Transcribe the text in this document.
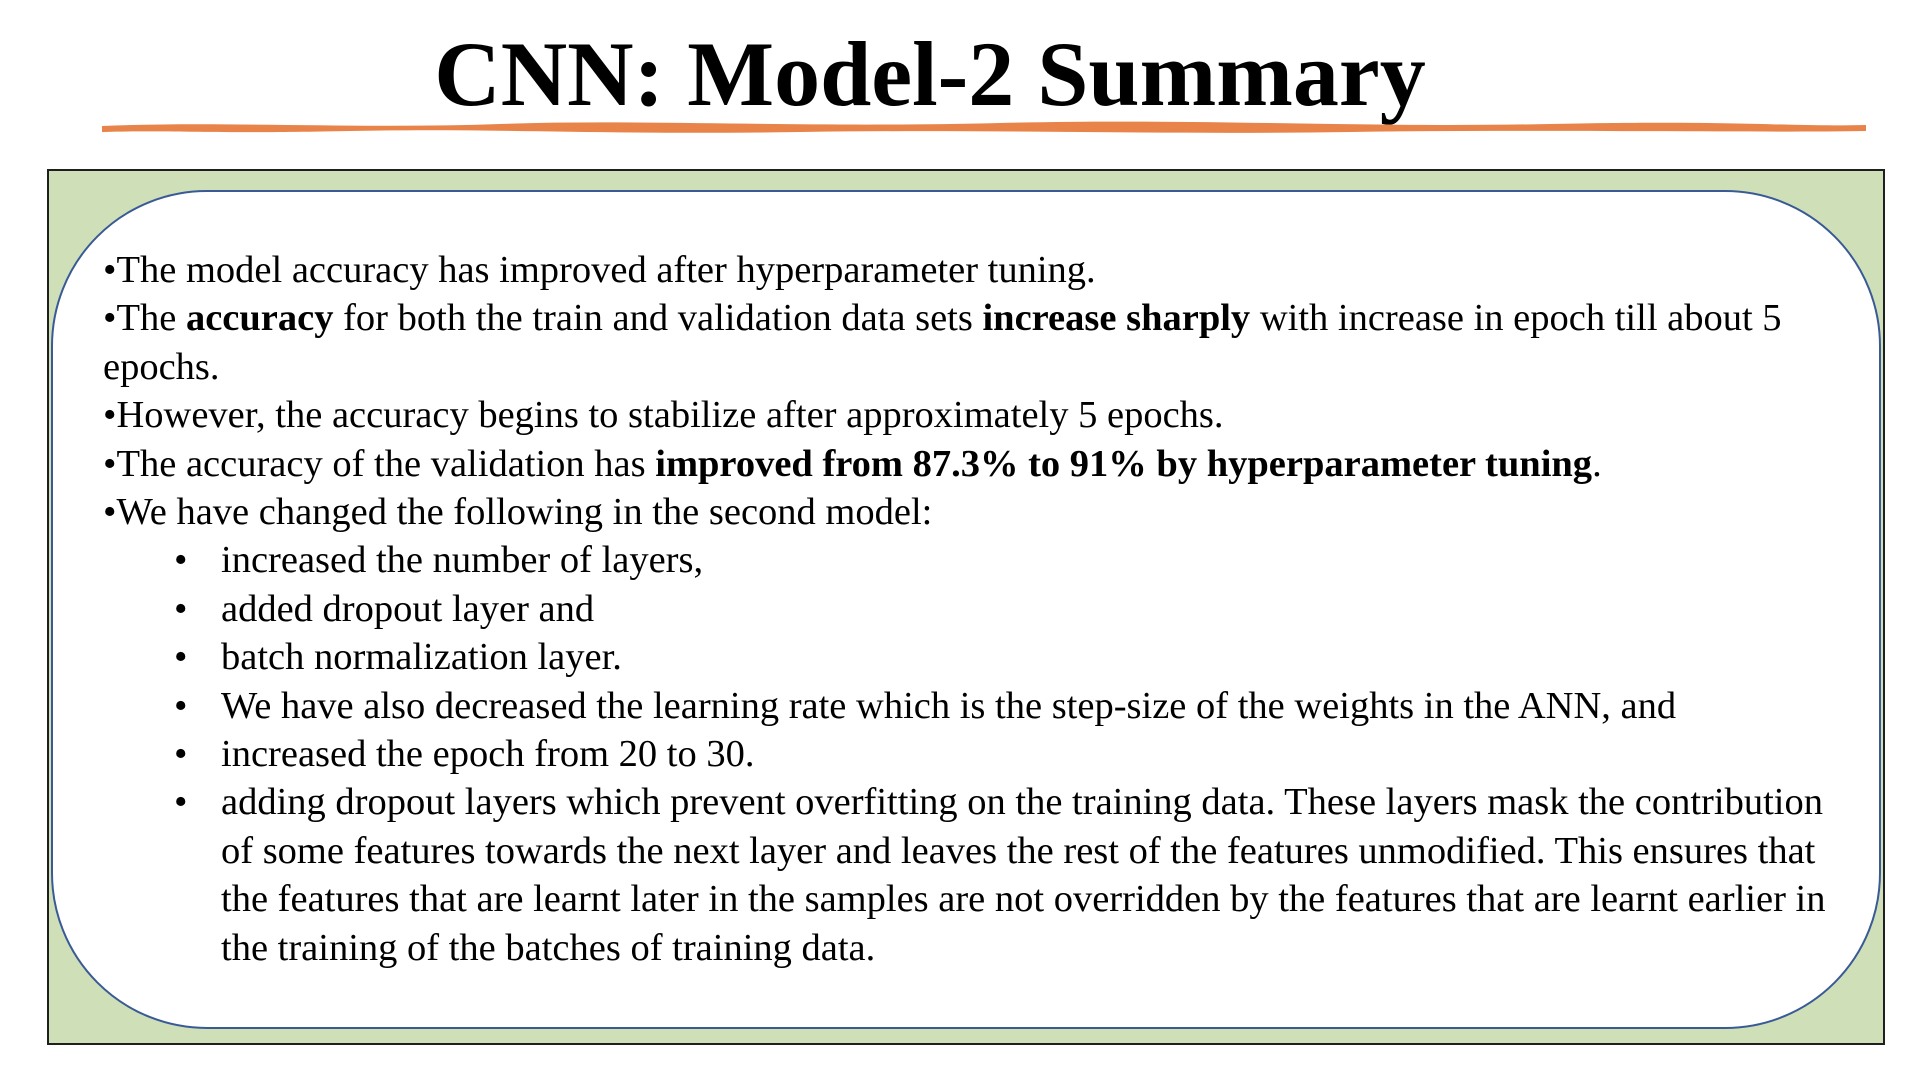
CNN: Model-2 Summary

•The model accuracy has improved after hyperparameter tuning.

•The accuracy for both the train and validation data sets increase sharply with increase in epoch till about 5 epochs.

•However, the accuracy begins to stabilize after approximately 5 epochs.

•The accuracy of the validation has improved from 87.3% to 91% by hyperparameter tuning.

•We have changed the following in the second model:

• increased the number of layers,
• added dropout layer and
• batch normalization layer.
• We have also decreased the learning rate which is the step-size of the weights in the ANN, and
• increased the epoch from 20 to 30.
• adding dropout layers which prevent overfitting on the training data. These layers mask the contribution of some features towards the next layer and leaves the rest of the features unmodified. This ensures that the features that are learnt later in the samples are not overridden by the features that are learnt earlier in the training of the batches of training data.
